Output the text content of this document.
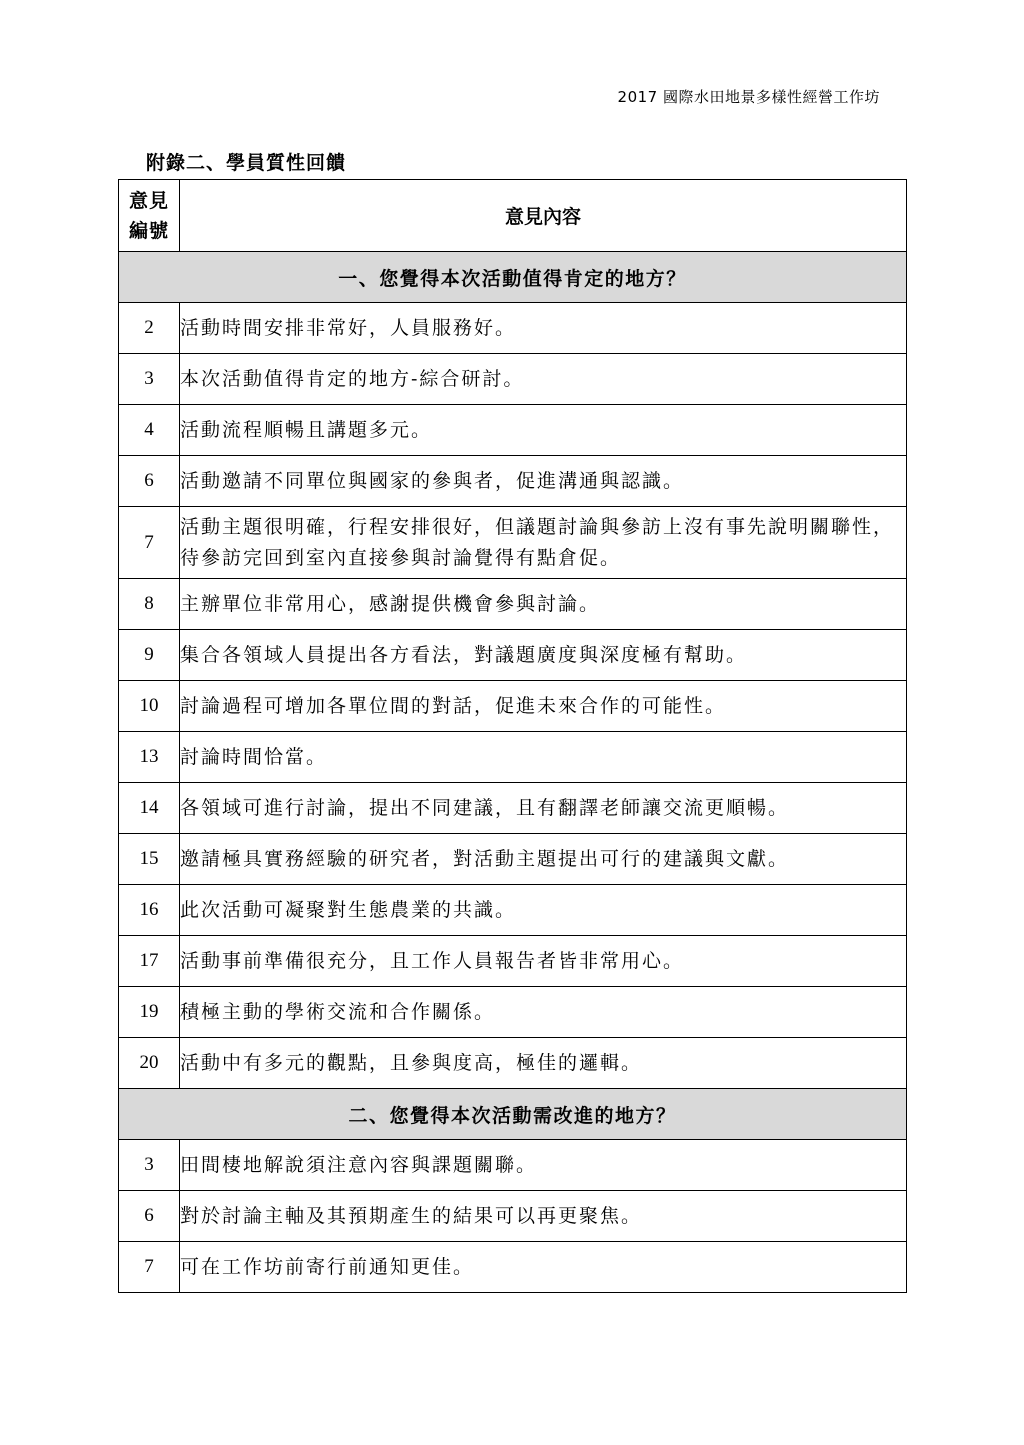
2017 國際水田地景多樣性經營工作坊
附錄二、學員質性回饋
意見
編號	意見內容
一、您覺得本次活動值得肯定的地方？	
2	活動時間安排非常好，人員服務好。
3	本次活動值得肯定的地方-綜合研討。
4	活動流程順暢且講題多元。
6	活動邀請不同單位與國家的參與者，促進溝通與認識。
7	活動主題很明確，行程安排很好，但議題討論與參訪上沒有事先說明關聯性，待參訪完回到室內直接參與討論覺得有點倉促。
8	主辦單位非常用心，感謝提供機會參與討論。
9	集合各領域人員提出各方看法，對議題廣度與深度極有幫助。
10	討論過程可增加各單位間的對話，促進未來合作的可能性。
13	討論時間恰當。
14	各領域可進行討論，提出不同建議，且有翻譯老師讓交流更順暢。
15	邀請極具實務經驗的研究者，對活動主題提出可行的建議與文獻。
16	此次活動可凝聚對生態農業的共識。
17	活動事前準備很充分，且工作人員報告者皆非常用心。
19	積極主動的學術交流和合作關係。
20	活動中有多元的觀點，且參與度高，極佳的邏輯。
二、您覺得本次活動需改進的地方？	
3	田間棲地解說須注意內容與課題關聯。
6	對於討論主軸及其預期產生的結果可以再更聚焦。
7	可在工作坊前寄行前通知更佳。
